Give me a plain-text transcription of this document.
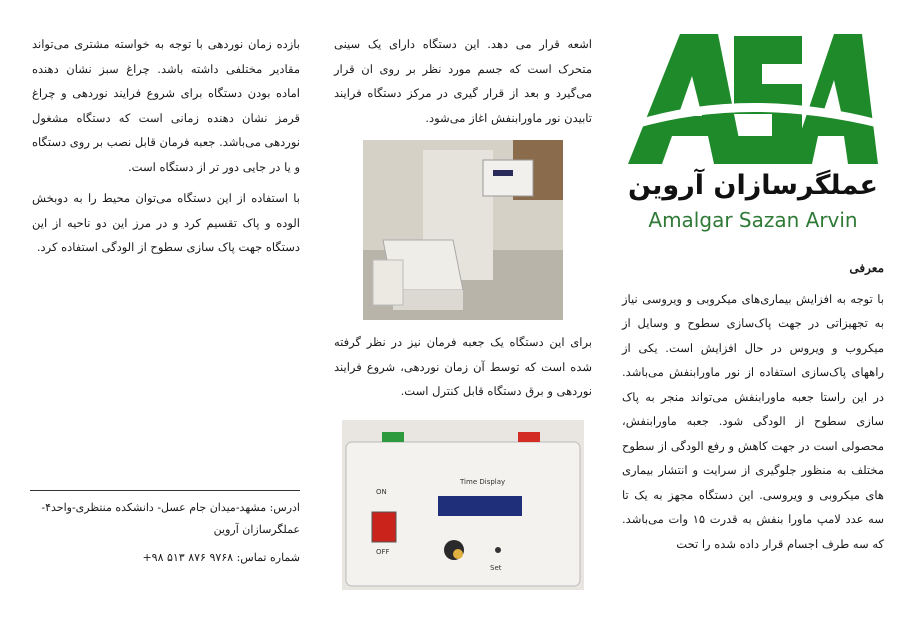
عملگرسازان آروین
Amalgar Sazan Arvin
معرفی

با توجه به افزایش بیماری‌های میکروبی و ویروسی نیاز به تجهیزاتی در جهت پاک‌سازی سطوح و وسایل از میکروب و ویروس در حال افزایش است. یکی از راههای پاک‌سازی استفاده از نور ماورابنفش می‌باشد. در این راستا جعبه ماورابنفش می‌تواند منجر به پاک سازی سطوح از الودگی شود. جعبه ماورابنفش، محصولی است در جهت کاهش و رفع الودگی از سطوح مختلف به منظور جلوگیری از سرایت و انتشار بیماری های میکروبی و ویروسی. این دستگاه مجهز به یک تا سه عدد لامپ ماورا بنفش به قدرت ۱۵ وات می‌باشد. که سه طرف اجسام قرار داده شده را تحت

اشعه قرار می دهد. این دستگاه دارای یک سینی متحرک است که جسم مورد نظر بر روی ان قرار می‌گیرد و بعد از قرار گیری در مرکز دستگاه فرایند تابیدن نور ماورابنفش اغاز می‌شود.

برای این دستگاه یک جعبه فرمان نیز در نظر گرفته شده است که توسط آن زمان نوردهی، شروع فرایند نوردهی و برق دستگاه قابل کنترل است.

Time Display
ON
OFF
Set

بازده زمان نوردهی با توجه به خواسته مشتری می‌تواند مقادیر مختلفی داشته باشد. چراغ سبز نشان دهنده اماده بودن دستگاه برای شروع فرایند نوردهی و چراغ قرمز نشان دهنده زمانی است که دستگاه مشغول نوردهی می‌باشد. جعبه فرمان قابل نصب بر روی دستگاه و یا در جایی دور تر از دستگاه است.

با استفاده از این دستگاه می‌توان محیط را به دوبخش الوده و پاک تقسیم کرد و در مرز این دو ناحیه از این دستگاه جهت پاک سازی سطوح از الودگی استفاده کرد.

ادرس: مشهد-میدان جام عسل- دانشکده منتظری-واحد۴- عملگرسازان آروین

شماره تماس: ۹۷۶۸ ۸۷۶ ۵۱۳ ۹۸+
